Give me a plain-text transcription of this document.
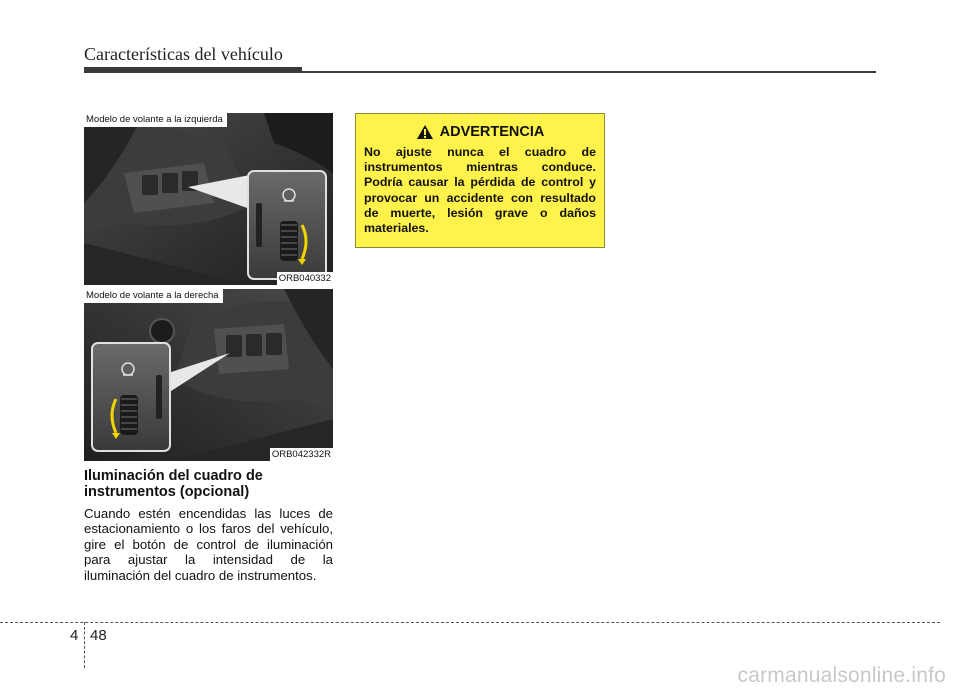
Características del vehículo
Modelo de volante a la izquierda
ORB040332
Modelo de volante a la derecha
ORB042332R
Iluminación del cuadro de instrumentos (opcional)
Cuando estén encendidas las luces de estacionamiento o los faros del vehículo, gire el botón de control de iluminación para ajustar la intensidad de la iluminación del cuadro de instrumentos.
ADVERTENCIA
No ajuste nunca el cuadro de instrumentos mientras conduce. Podría causar la pérdida de control y provocar un accidente con resultado de muerte, lesión grave o daños materiales.
4 48
carmanualsonline.info
